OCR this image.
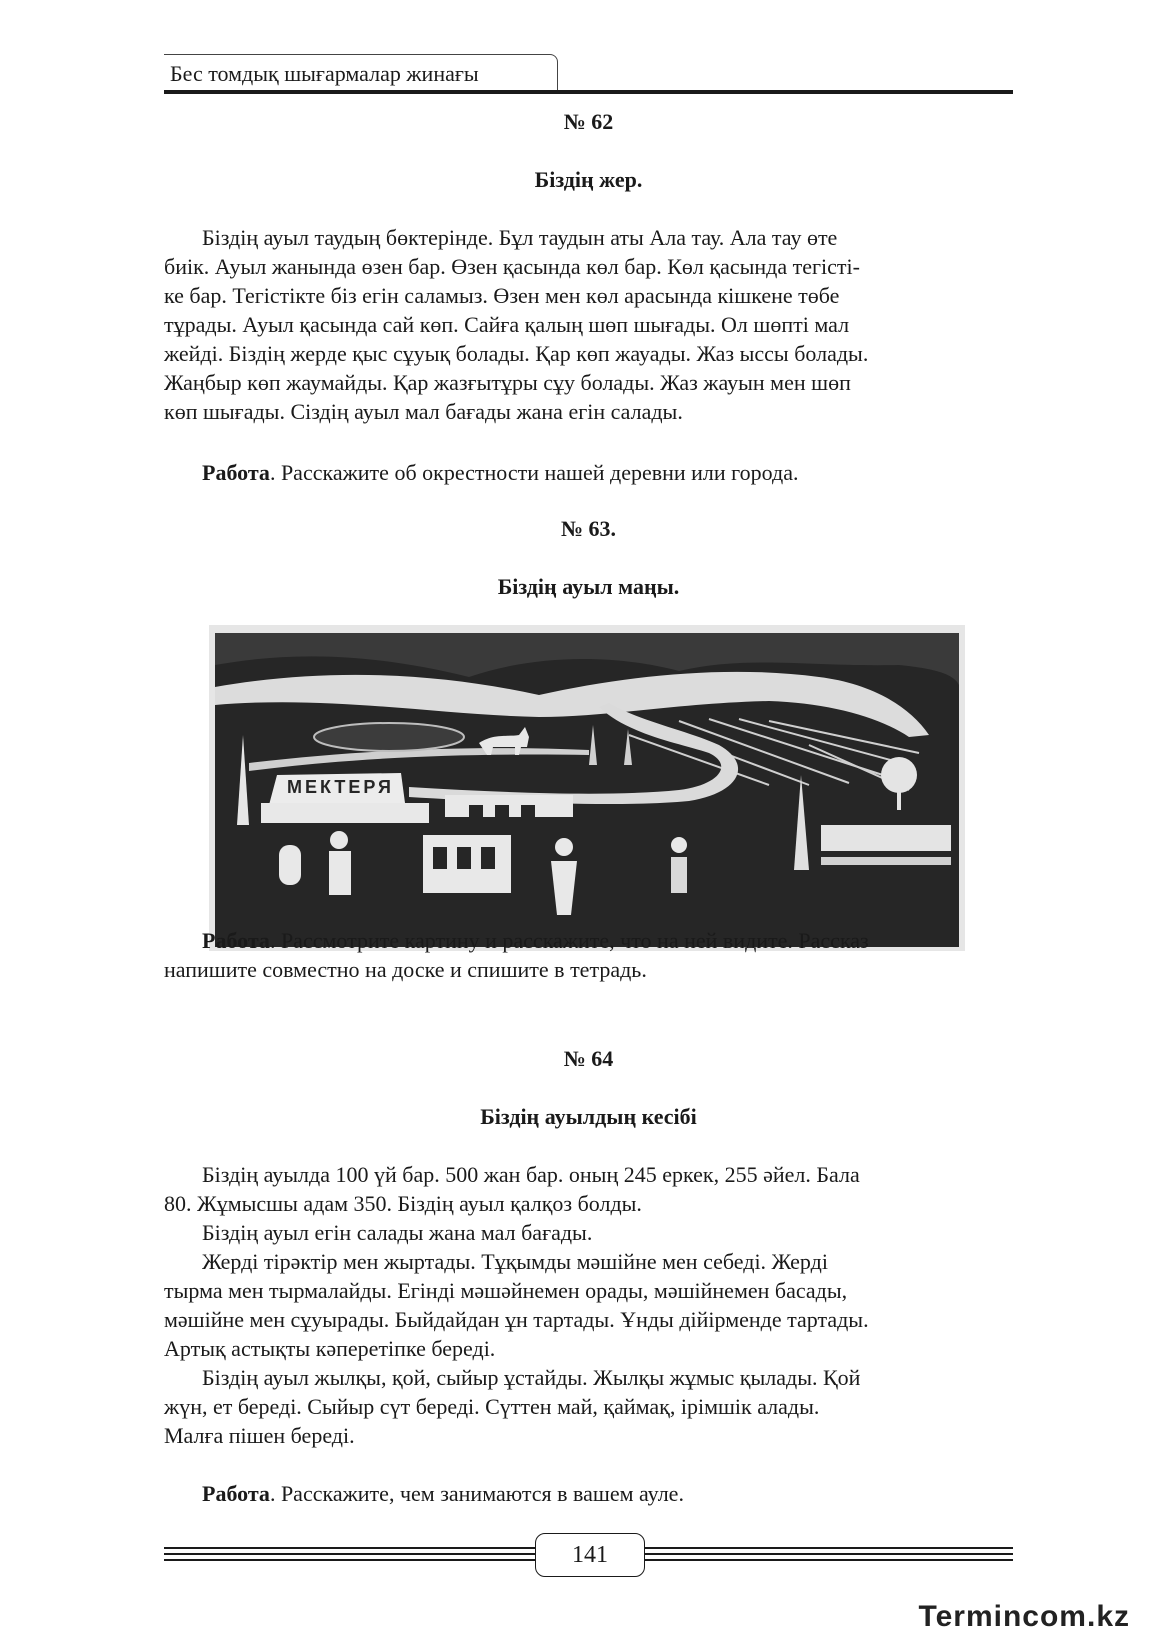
Бес томдық шығармалар жинағы
№ 62
Біздің жер.
Біздің ауыл таудың бөктерінде. Бұл таудын аты Ала тау. Ала тау өте
биік. Ауыл жанында өзен бар. Өзен қасында көл бар. Көл қасында тегісті-
ке бар. Тегістікте біз егін саламыз. Өзен мен көл арасында кішкене төбе
тұрады. Ауыл қасында сай көп. Сайға қалың шөп шығады. Ол шөпті мал
жейді. Біздің жерде қыс сұуық болады. Қар көп жауады. Жаз ыссы болады.
Жаңбыр көп жаумайды. Қар жазғытұры сұу болады. Жаз жауын мен шөп
көп шығады. Сіздің ауыл мал бағады жана егін салады.
Работа. Расскажите об окрестности нашей деревни или города.
№ 63.
Біздің ауыл маңы.
МЕКТЕРЯ
Работа. Рассмотрите картину и расскажите, что на ней видите. Рассказ
напишите совместно на доске и спишите в тетрадь.
№ 64
Біздің ауылдың кесібі
Біздің ауылда 100 үй бар. 500 жан бар. оның 245 еркек, 255 әйел. Бала
80. Жұмысшы адам 350. Біздің ауыл қалқоз болды.
Біздің ауыл егін салады жана мал бағады.
Жерді тірәктір мен жыртады. Тұқымды мәшійне мен себеді. Жерді
тырма мен тырмалайды. Егінді мәшәйнемен орады, мәшійнемен басады,
мәшійне мен сұуырады. Быйдайдан ұн тартады. Ұнды дійірменде тартады.
Артық астықты кәперетіпке береді.
Біздің ауыл жылқы, қой, сыйыр ұстайды. Жылқы жұмыс қылады. Қой
жүн, ет береді. Сыйыр сүт береді. Сүттен май, қаймақ, ірімшік алады.
Малға пішен береді.
Работа. Расскажите, чем занимаются в вашем ауле.
141
Termincom.kz
